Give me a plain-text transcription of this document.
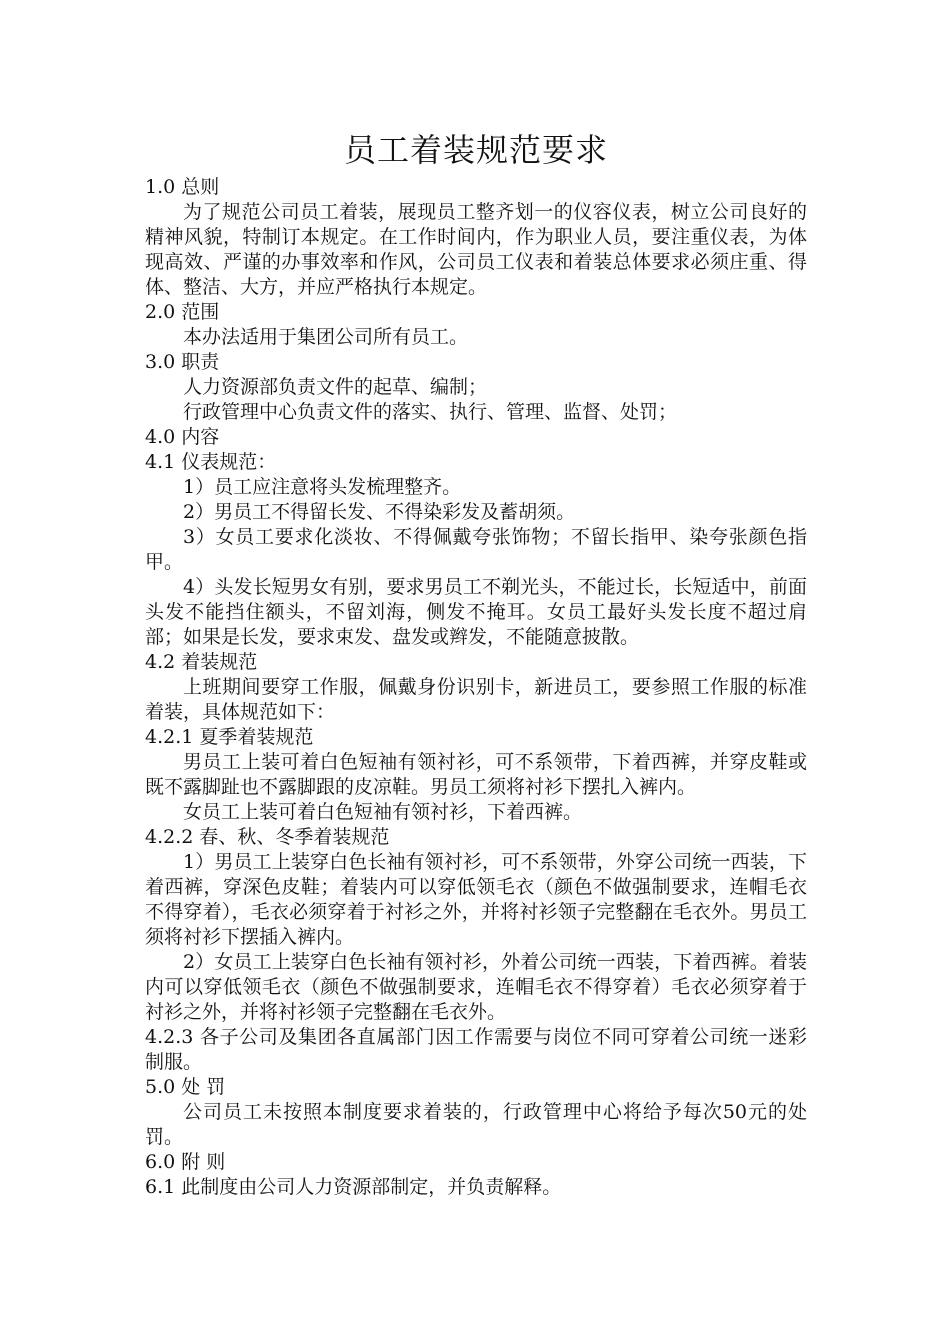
员工着装规范要求

1.0 总则

为了规范公司员工着装，展现员工整齐划一的仪容仪表，树立公司良好的精神风貌，特制订本规定。在工作时间内，作为职业人员，要注重仪表，为体现高效、严谨的办事效率和作风，公司员工仪表和着装总体要求必须庄重、得体、整洁、大方，并应严格执行本规定。

2.0 范围

本办法适用于集团公司所有员工。

3.0 职责

人力资源部负责文件的起草、编制；

行政管理中心负责文件的落实、执行、管理、监督、处罚；

4.0 内容

4.1 仪表规范：

1）员工应注意将头发梳理整齐。

2）男员工不得留长发、不得染彩发及蓄胡须。

3）女员工要求化淡妆、不得佩戴夸张饰物；不留长指甲、染夸张颜色指甲。

4）头发长短男女有别，要求男员工不剃光头，不能过长，长短适中，前面头发不能挡住额头，不留刘海，侧发不掩耳。女员工最好头发长度不超过肩部；如果是长发，要求束发、盘发或辫发，不能随意披散。

4.2 着装规范

上班期间要穿工作服，佩戴身份识别卡，新进员工，要参照工作服的标准着装，具体规范如下：

4.2.1 夏季着装规范

男员工上装可着白色短袖有领衬衫，可不系领带，下着西裤，并穿皮鞋或既不露脚趾也不露脚跟的皮凉鞋。男员工须将衬衫下摆扎入裤内。

女员工上装可着白色短袖有领衬衫，下着西裤。

4.2.2 春、秋、冬季着装规范

1）男员工上装穿白色长袖有领衬衫，可不系领带，外穿公司统一西装，下着西裤，穿深色皮鞋；着装内可以穿低领毛衣（颜色不做强制要求，连帽毛衣不得穿着），毛衣必须穿着于衬衫之外，并将衬衫领子完整翻在毛衣外。男员工须将衬衫下摆插入裤内。

2）女员工上装穿白色长袖有领衬衫，外着公司统一西装，下着西裤。着装内可以穿低领毛衣（颜色不做强制要求，连帽毛衣不得穿着）毛衣必须穿着于衬衫之外，并将衬衫领子完整翻在毛衣外。

4.2.3 各子公司及集团各直属部门因工作需要与岗位不同可穿着公司统一迷彩制服。

5.0 处 罚

公司员工未按照本制度要求着装的，行政管理中心将给予每次50元的处罚。

6.0 附 则

6.1 此制度由公司人力资源部制定，并负责解释。
